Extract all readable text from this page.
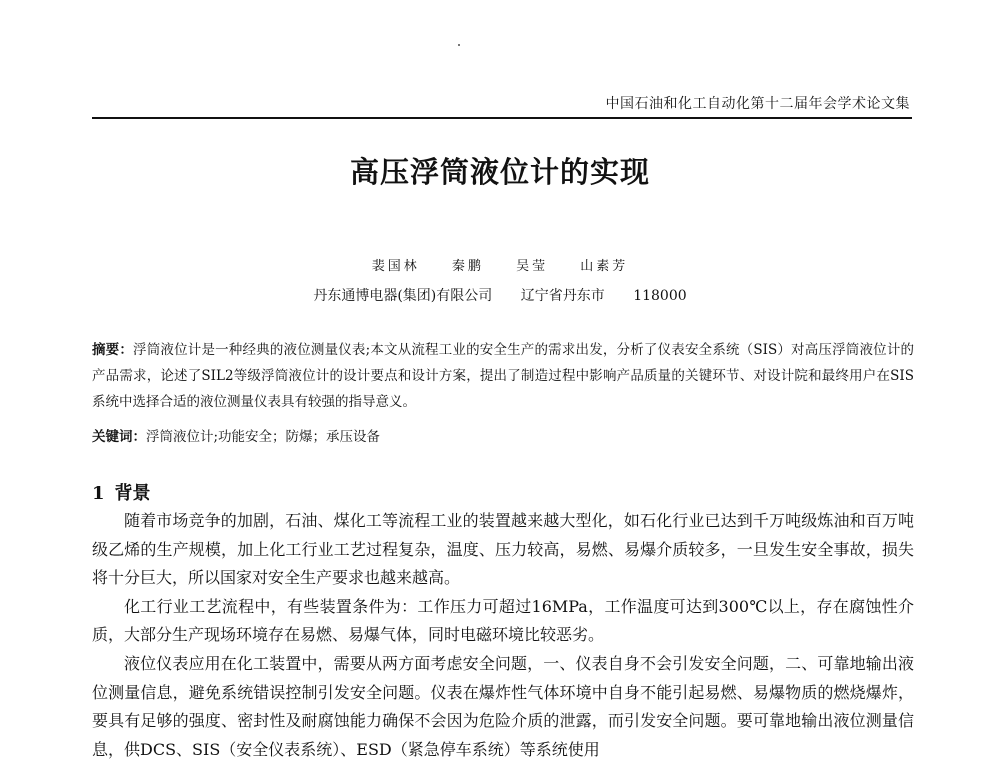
中国石油和化工自动化第十二届年会学术论文集
高压浮筒液位计的实现
裴国林 秦鹏 吴莹 山素芳
丹东通博电器(集团)有限公司 辽宁省丹东市 118000
摘要：浮筒液位计是一种经典的液位测量仪表;本文从流程工业的安全生产的需求出发，分析了仪表安全系统（SIS）对高压浮筒液位计的产品需求，论述了SIL2等级浮筒液位计的设计要点和设计方案，提出了制造过程中影响产品质量的关键环节、对设计院和最终用户在SIS系统中选择合适的液位测量仪表具有较强的指导意义。
关键词：浮筒液位计;功能安全；防爆；承压设备
1 背景

随着市场竞争的加剧，石油、煤化工等流程工业的装置越来越大型化，如石化行业已达到千万吨级炼油和百万吨级乙烯的生产规模，加上化工行业工艺过程复杂，温度、压力较高，易燃、易爆介质较多，一旦发生安全事故，损失将十分巨大，所以国家对安全生产要求也越来越高。

化工行业工艺流程中，有些装置条件为：工作压力可超过16MPa，工作温度可达到300℃以上，存在腐蚀性介质，大部分生产现场环境存在易燃、易爆气体，同时电磁环境比较恶劣。

液位仪表应用在化工装置中，需要从两方面考虑安全问题，一、仪表自身不会引发安全问题，二、可靠地输出液位测量信息，避免系统错误控制引发安全问题。仪表在爆炸性气体环境中自身不能引起易燃、易爆物质的燃烧爆炸，要具有足够的强度、密封性及耐腐蚀能力确保不会因为危险介质的泄露，而引发安全问题。要可靠地输出液位测量信息，供DCS、SIS（安全仪表系统）、ESD（紧急停车系统）等系统使用
